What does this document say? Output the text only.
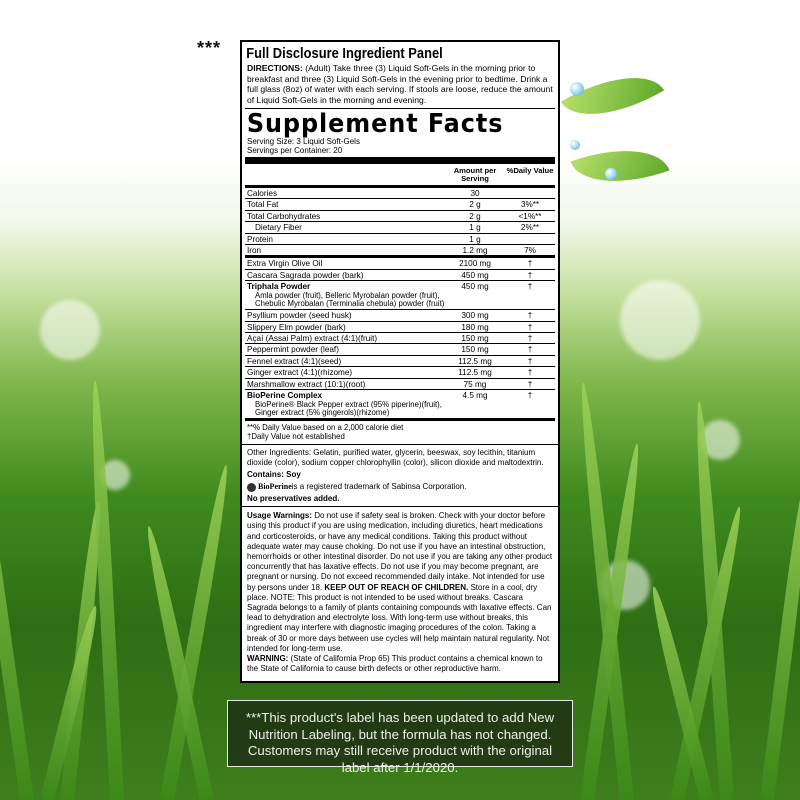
*** Full Disclosure Ingredient Panel
DIRECTIONS: (Adult) Take three (3) Liquid Soft-Gels in the morning prior to breakfast and three (3) Liquid Soft-Gels in the evening prior to bedtime. Drink a full glass (8oz) of water with each serving. If stools are loose, reduce the amount of Liquid Soft-Gels in the morning and evening.
Supplement Facts
Serving Size: 3 Liquid Soft-Gels
Servings per Container: 20
Amount per Serving
%Daily Value
Calories	30
Total Fat	2 g	3%**
Total Carbohydrates	2 g	<1%**
Dietary Fiber	1 g	2%**
Protein	1 g
Iron	1.2 mg	7%
Extra Virgin Olive Oil	2100 mg	†
Cascara Sagrada powder (bark)	450 mg	†
Triphala Powder
Amla powder (fruit), Belleric Myrobalan powder (fruit), Chebulic Myrobalan (Terminalia chebula) powder (fruit)
450 mg	†
Psyllium powder (seed husk)	300 mg	†
Slippery Elm powder (bark)	180 mg	†
Açaí (Assai Palm) extract (4:1)(fruit)	150 mg	†
Peppermint powder (leaf)	150 mg	†
Fennel extract (4:1)(seed)	112.5 mg	†
Ginger extract (4:1)(rhizome)	112.5 mg	†
Marshmallow extract (10:1)(root)	75 mg	†
BioPerine Complex
BioPerine® Black Pepper extract (95% piperine)(fruit), Ginger extract (5% gingerols)(rhizome)
4.5 mg	†
**% Daily Value based on a 2,000 calorie diet
†Daily Value not established
Other Ingredients: Gelatin, purified water, glycerin, beeswax, soy lecithin, titanium dioxide (color), sodium copper chlorophyllin (color), silicon dioxide and maltodextrin.
Contains: Soy
BioPerine is a registered trademark of Sabinsa Corporation.
No preservatives added.
Usage Warnings: Do not use if safety seal is broken. Check with your doctor before using this product if you are using medication, including diuretics, heart medications and corticosteroids, or have any medical conditions. Taking this product without adequate water may cause choking. Do not use if you have an intestinal obstruction, hemorrhoids or other intestinal disorder. Do not use if you are taking any other product concurrently that has laxative effects. Do not use if you may become pregnant, are pregnant or nursing. Do not exceed recommended daily intake. Not intended for use by persons under 18. KEEP OUT OF REACH OF CHILDREN. Store in a cool, dry place. NOTE: This product is not intended to be used without breaks. Cascara Sagrada belongs to a family of plants containing compounds with laxative effects. Can lead to dehydration and electrolyte loss. With long-term use without breaks, this ingredient may interfere with diagnostic imaging procedures of the colon. Taking a break of 30 or more days between use cycles will help maintain natural regularity. Not intended for long-term use.
WARNING: (State of California Prop 65) This product contains a chemical known to the State of California to cause birth defects or other reproductive harm.
***This product's label has been updated to add New Nutrition Labeling, but the formula has not changed. Customers may still receive product with the original label after 1/1/2020.
